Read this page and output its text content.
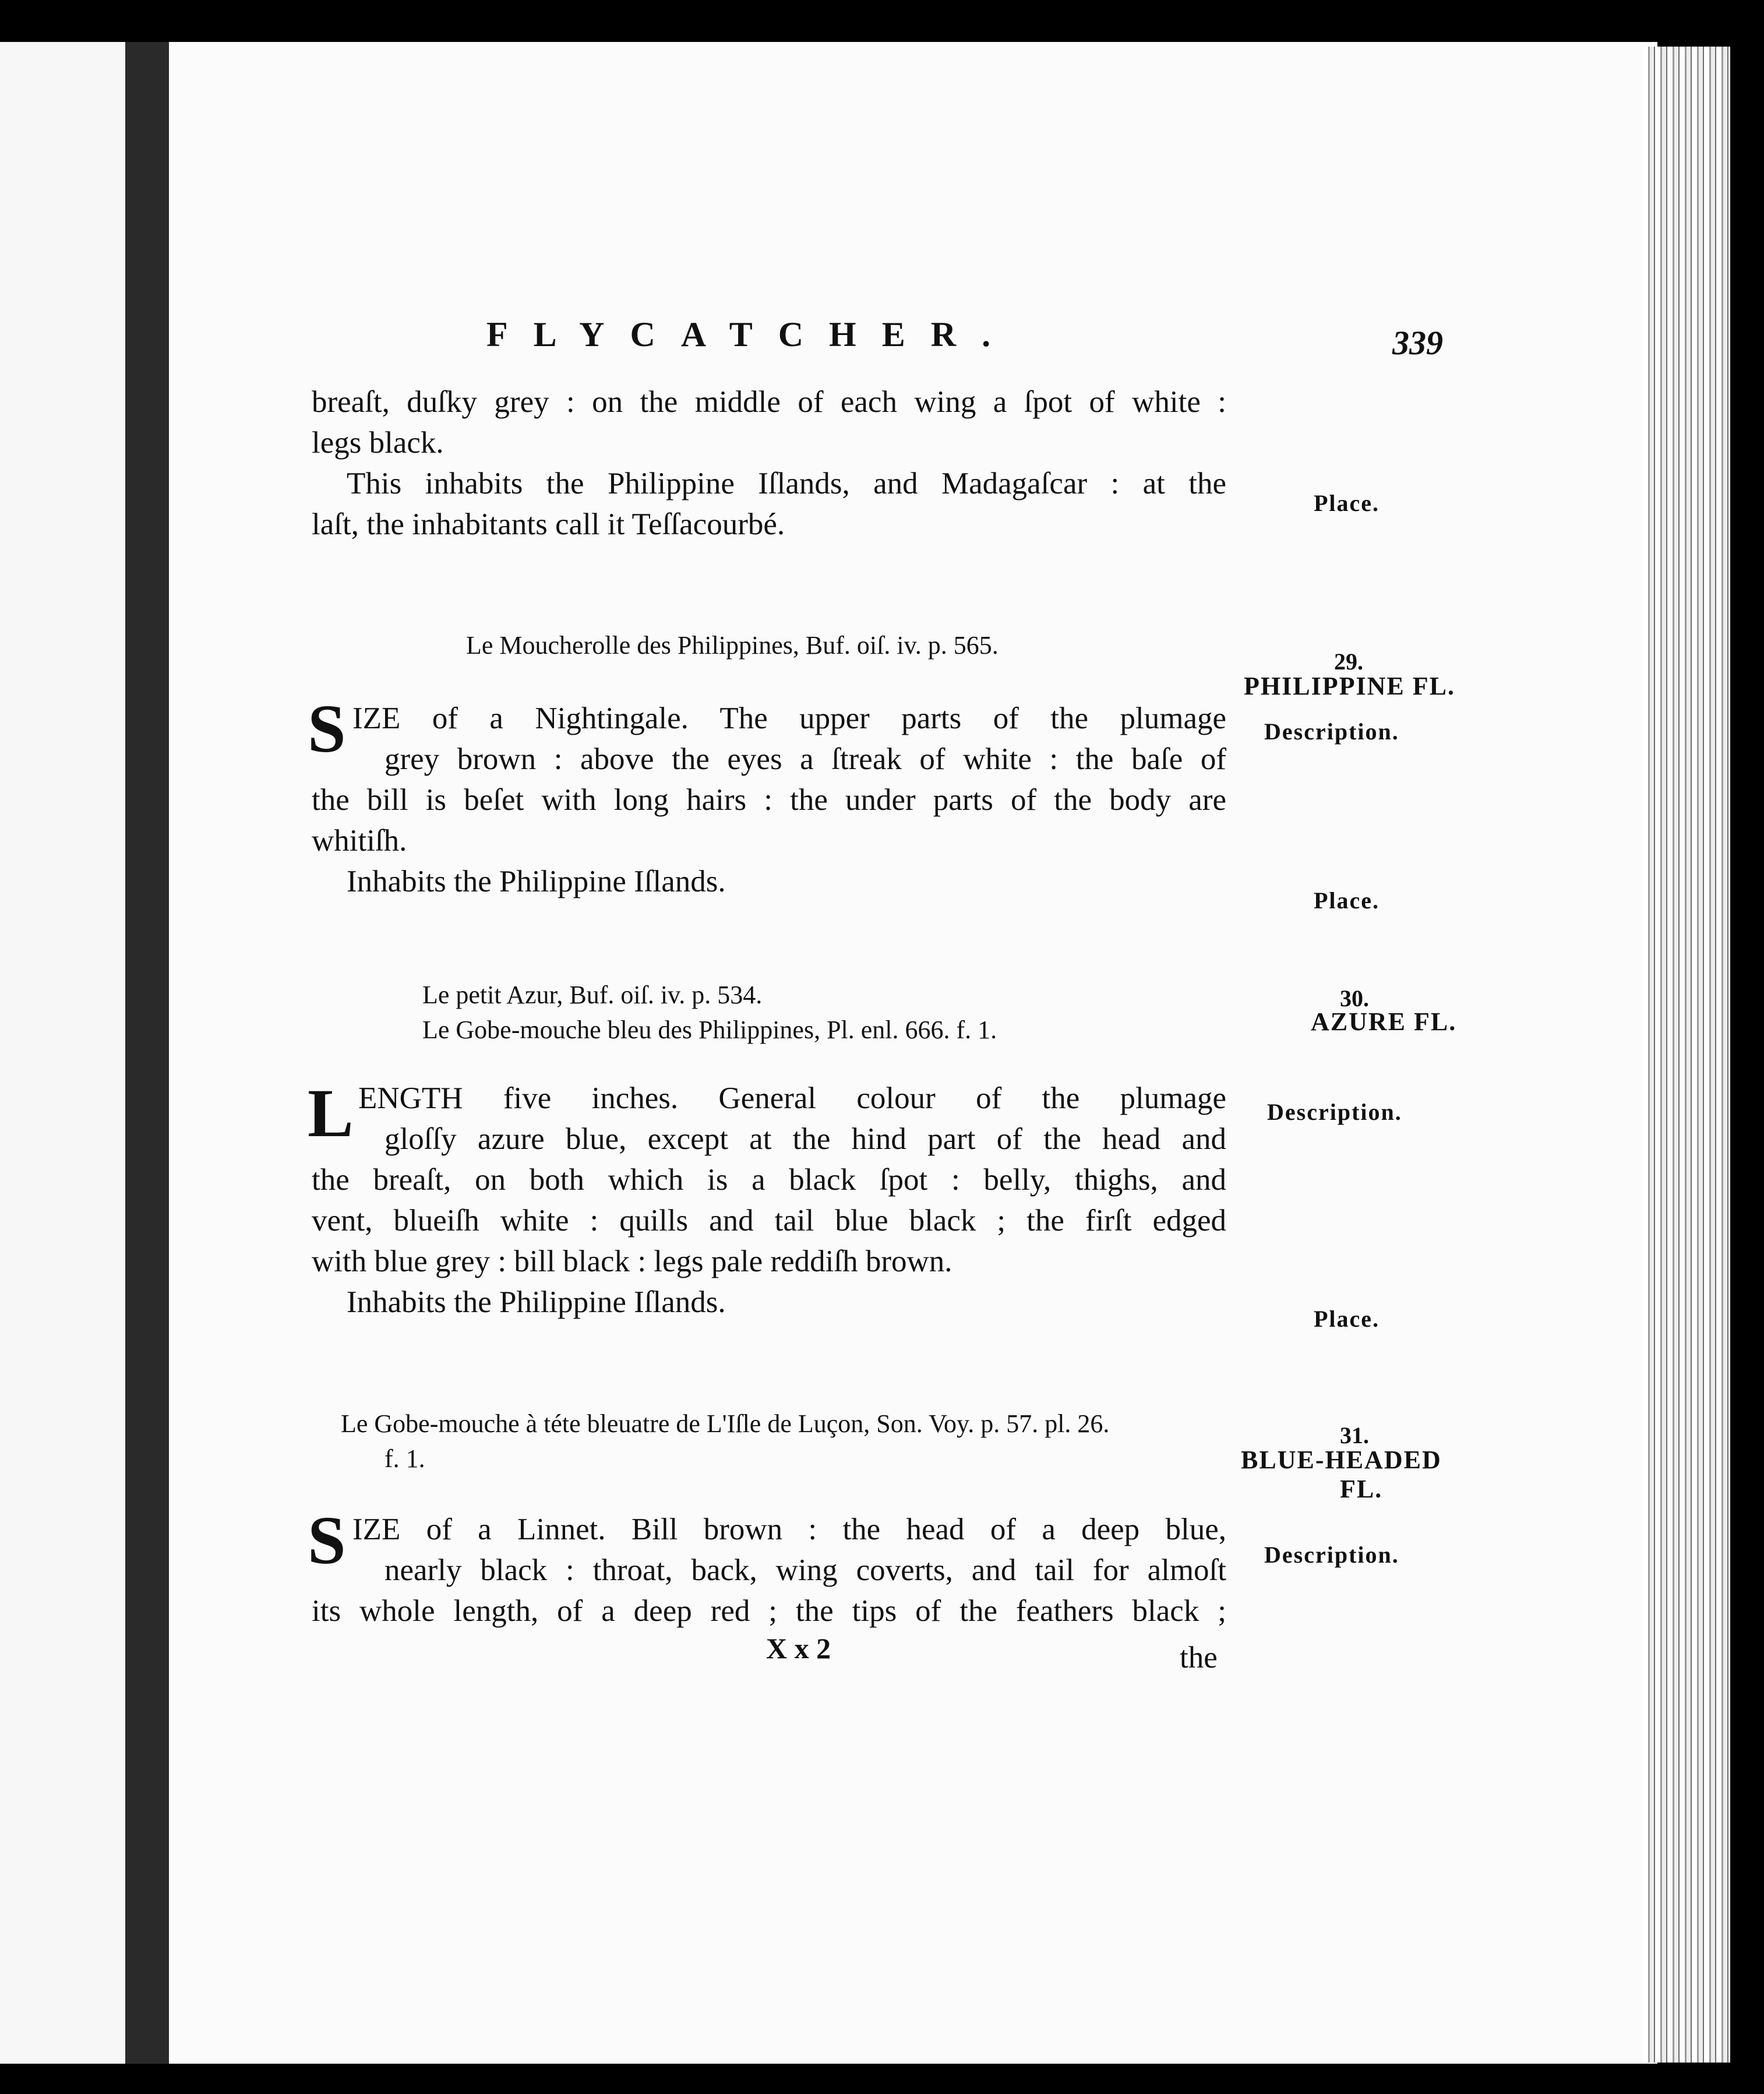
FLYCATCHER.	339
breaſt, duſky grey : on the middle of each wing a ſpot of white :
legs black.
This inhabits the Philippine Iſlands, and Madagaſcar : at the
laſt, the inhabitants call it Teſſacourbé.
Le Moucherolle des Philippines, Buf. oiſ. iv. p. 565.
S IZE of a Nightingale. The upper parts of the plumage
grey brown : above the eyes a ſtreak of white : the baſe of
the bill is beſet with long hairs : the under parts of the body are
whitiſh.
Inhabits the Philippine Iſlands.
Le petit Azur, Buf. oiſ. iv. p. 534.
Le Gobe-mouche bleu des Philippines, Pl. enl. 666. f. 1.
L ENGTH five inches. General colour of the plumage
gloſſy azure blue, except at the hind part of the head and
the breaſt, on both which is a black ſpot : belly, thighs, and
vent, blueiſh white : quills and tail blue black ; the firſt edged
with blue grey : bill black : legs pale reddiſh brown.
Inhabits the Philippine Iſlands.
Le Gobe-mouche à téte bleuatre de L'Iſle de Luçon, Son. Voy. p. 57. pl. 26.
f. 1.
S IZE of a Linnet. Bill brown : the head of a deep blue,
nearly black : throat, back, wing coverts, and tail for almoſt
its whole length, of a deep red ; the tips of the feathers black ;
X x 2	the
Place.
29.
PHILIPPINE FL.
Description.
Place.
30.
AZURE FL.
Description.
Place.
31.
BLUE-HEADED
FL.
Description.
